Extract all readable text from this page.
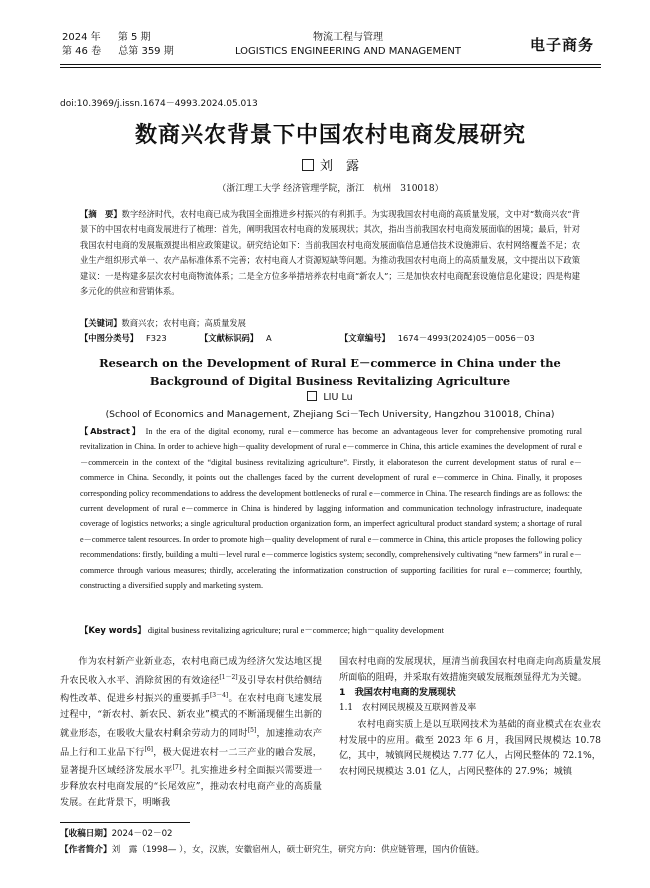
2024 年 第 5 期
第 46 卷 总第 359 期
物流工程与管理
LOGISTICS ENGINEERING AND MANAGEMENT	电子商务
doi:10.3969/j.issn.1674－4993.2024.05.013
数商兴农背景下中国农村电商发展研究
刘　露
（浙江理工大学 经济管理学院，浙江　杭州　310018）
【摘　要】数字经济时代，农村电商已成为我国全面推进乡村振兴的有利抓手。为实现我国农村电商的高质量发展，文中对“数商兴农”背景下的中国农村电商发展进行了梳理：首先，阐明我国农村电商的发展现状；其次，指出当前我国农村电商发展面临的困境；最后，针对我国农村电商的发展瓶颈提出相应政策建议。研究结论如下：当前我国农村电商发展面临信息通信技术设施滞后、农村网络覆盖不足；农业生产组织形式单一、农产品标准体系不完善；农村电商人才资源短缺等问题。为推动我国农村电商上的高质量发展，文中提出以下政策建议：一是构建多层次农村电商物流体系；二是全方位多举措培养农村电商“新农人”；三是加快农村电商配套设施信息化建设；四是构建多元化的供应和营销体系。
【关键词】数商兴农；农村电商；高质量发展
【中图分类号】 F323	【文献标识码】 A	【文章编号】 1674－4993(2024)05－0056－03
Research on the Development of Rural E－commerce in China under the Background of Digital Business Revitalizing Agriculture
LIU Lu
(School of Economics and Management, Zhejiang Sci－Tech University, Hangzhou 310018, China)
【Abstract】 In the era of the digital economy, rural e－commerce has become an advantageous lever for comprehensive promoting rural revitalization in China. In order to achieve high－quality development of rural e－commerce in China, this article examines the development of rural e－commercein in the context of the “digital business revitalizing agriculture”. Firstly, it elaborateson the current development status of rural e－commerce in China. Secondly, it points out the challenges faced by the current development of rural e－commerce in China. Finally, it proposes corresponding policy recommendations to address the development bottlenecks of rural e－commerce in China. The research findings are as follows: the current development of rural e－commerce in China is hindered by lagging information and communication technology infrastructure, inadequate coverage of logistics networks; a single agricultural production organization form, an imperfect agricultural product standard system; a shortage of rural e－commerce talent resources. In order to promote high－quality development of rural e－commerce in China, this article proposes the following policy recommendations: firstly, building a multi－level rural e－commerce logistics system; secondly, comprehensively cultivating “new farmers” in rural e－commerce through various measures; thirdly, accelerating the informatization construction of supporting facilities for rural e－commerce; fourthly, constructing a diversified supply and marketing system.
【Key words】 digital business revitalizing agriculture; rural e－commerce; high－quality development
作为农村新产业新业态，农村电商已成为经济欠发达地区提升农民收入水平、消除贫困的有效途径[1－2]及引导农村供给侧结构性改革、促进乡村振兴的重要抓手[3－4]。在农村电商飞速发展过程中，“新农村、新农民、新农业”模式的不断涌现催生出新的就业形态，在吸收大量农村剩余劳动力的同时[5]，加速推动农产品上行和工业品下行[6]，极大促进农村一二三产业的融合发展，显著提升区域经济发展水平[7]。扎实推进乡村全面振兴需要进一步释放农村电商发展的“长尾效应”，推动农村电商产业的高质量发展。在此背景下，明晰我
国农村电商的发展现状，厘清当前我国农村电商走向高质量发展所面临的阻碍，并采取有效措施突破发展瓶颈显得尤为关键。
1　我国农村电商的发展现状
1.1　农村网民规模及互联网普及率
农村电商实质上是以互联网技术为基础的商业模式在农业农村发展中的应用。截至 2023 年 6 月，我国网民规模达 10.78 亿，其中，城镇网民规模达 7.77 亿人，占网民整体的 72.1%，农村网民规模达 3.01 亿人，占网民整体的 27.9%；城镇
【收稿日期】2024－02－02
【作者简介】刘　露（1998— ），女，汉族，安徽宿州人，硕士研究生，研究方向：供应链管理，国内价值链。
